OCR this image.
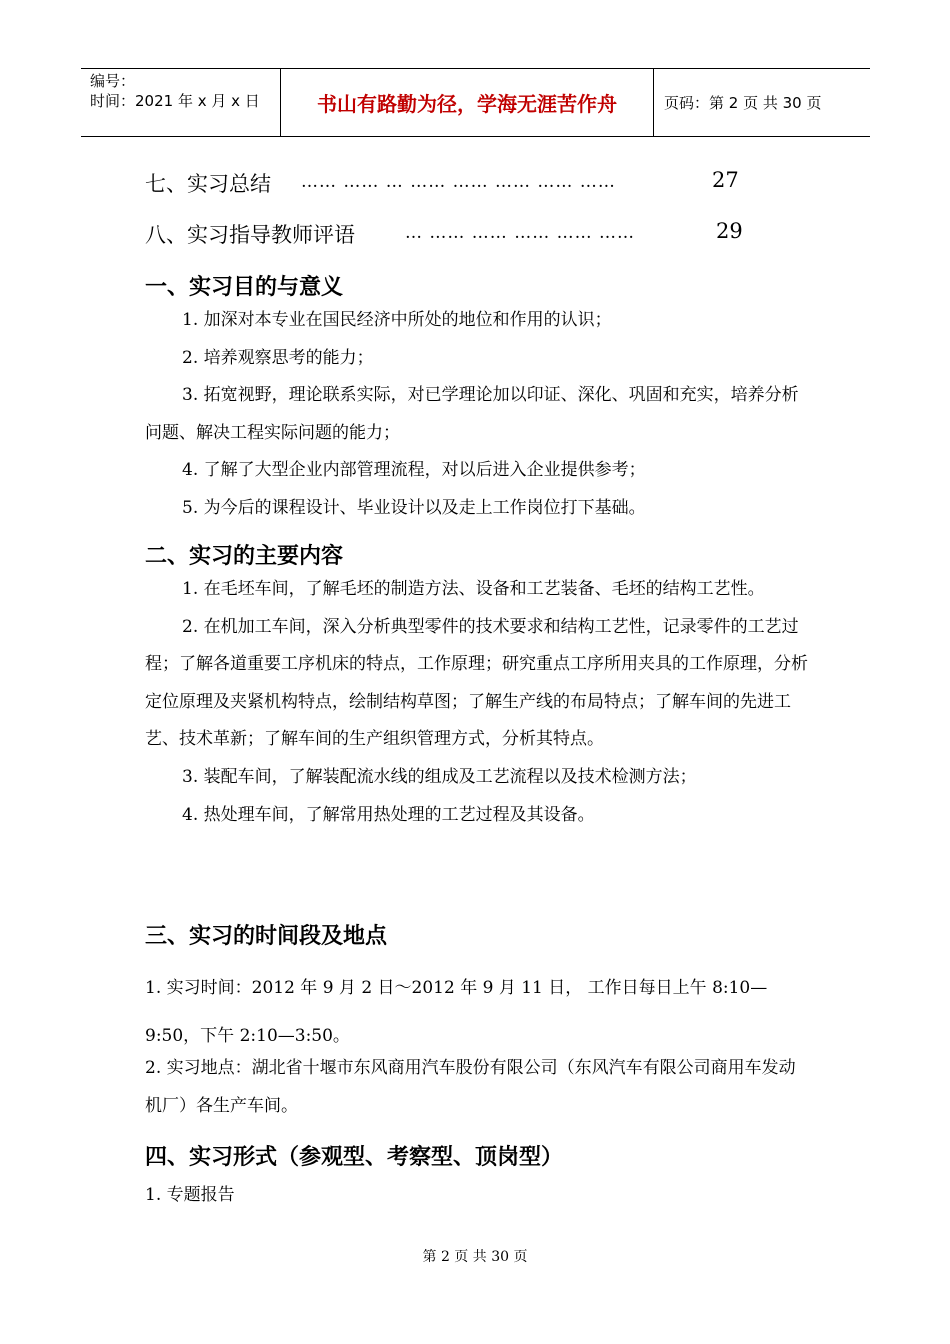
编号：
时间：2021 年 x 月 x 日	书山有路勤为径，学海无涯苦作舟	页码：第 2 页 共 30 页
七、实习总结 …… …… … …… …… …… …… ……	27
八、实习指导教师评语	… …… …… …… …… ……	29
一、实习目的与意义
1. 加深对本专业在国民经济中所处的地位和作用的认识；
2. 培养观察思考的能力；
3. 拓宽视野，理论联系实际，对已学理论加以印证、深化、巩固和充实，培养分析问题、解决工程实际问题的能力；
4. 了解了大型企业内部管理流程，对以后进入企业提供参考；
5. 为今后的课程设计、毕业设计以及走上工作岗位打下基础。
二、实习的主要内容
1. 在毛坯车间，了解毛坯的制造方法、设备和工艺装备、毛坯的结构工艺性。
2. 在机加工车间，深入分析典型零件的技术要求和结构工艺性，记录零件的工艺过程；了解各道重要工序机床的特点，工作原理；研究重点工序所用夹具的工作原理，分析定位原理及夹紧机构特点，绘制结构草图；了解生产线的布局特点；了解车间的先进工艺、技术革新；了解车间的生产组织管理方式，分析其特点。
3. 装配车间，了解装配流水线的组成及工艺流程以及技术检测方法；
4. 热处理车间，了解常用热处理的工艺过程及其设备。
三、实习的时间段及地点
1. 实习时间：2012 年 9 月 2 日～2012 年 9 月 11 日， 工作日每日上午 8:10—
9:50，下午 2:10—3:50。
2. 实习地点：湖北省十堰市东风商用汽车股份有限公司（东风汽车有限公司商用车发动机厂）各生产车间。
四、实习形式（参观型、考察型、顶岗型）
1. 专题报告
第 2 页 共 30 页
